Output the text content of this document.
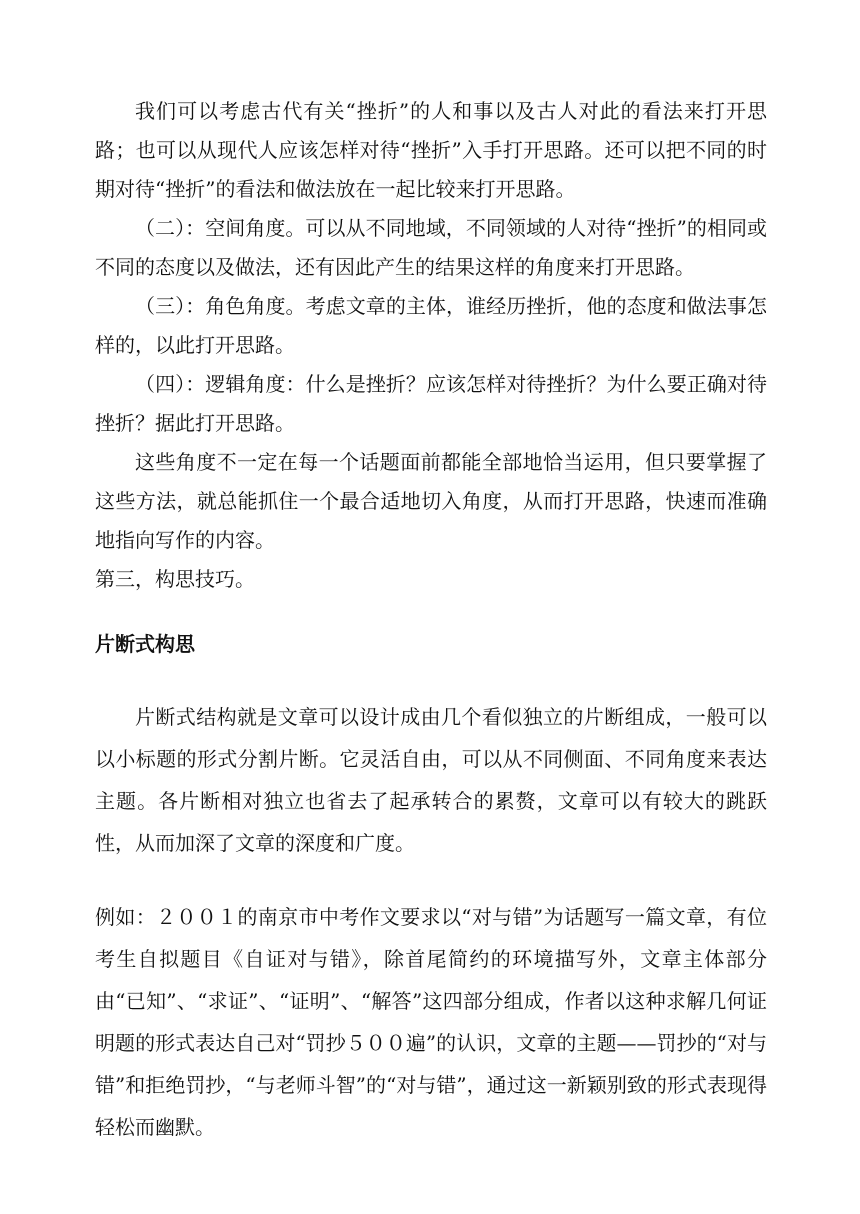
我们可以考虑古代有关“挫折”的人和事以及古人对此的看法来打开思路；也可以从现代人应该怎样对待“挫折”入手打开思路。还可以把不同的时期对待“挫折”的看法和做法放在一起比较来打开思路。

（二）：空间角度。可以从不同地域，不同领域的人对待“挫折”的相同或不同的态度以及做法，还有因此产生的结果这样的角度来打开思路。

（三）：角色角度。考虑文章的主体，谁经历挫折，他的态度和做法事怎样的，以此打开思路。

（四）：逻辑角度：什么是挫折？应该怎样对待挫折？为什么要正确对待挫折？据此打开思路。

这些角度不一定在每一个话题面前都能全部地恰当运用，但只要掌握了这些方法，就总能抓住一个最合适地切入角度，从而打开思路，快速而准确地指向写作的内容。

第三，构思技巧。

片断式构思

片断式结构就是文章可以设计成由几个看似独立的片断组成，一般可以以小标题的形式分割片断。它灵活自由，可以从不同侧面、不同角度来表达主题。各片断相对独立也省去了起承转合的累赘，文章可以有较大的跳跃性，从而加深了文章的深度和广度。

例如：２００１的南京市中考作文要求以“对与错”为话题写一篇文章，有位考生自拟题目《自证对与错》，除首尾简约的环境描写外，文章主体部分由“已知”、“求证”、“证明”、“解答”这四部分组成，作者以这种求解几何证明题的形式表达自己对“罚抄５００遍”的认识，文章的主题——罚抄的“对与错”和拒绝罚抄，“与老师斗智”的“对与错”，通过这一新颖别致的形式表现得轻松而幽默。
